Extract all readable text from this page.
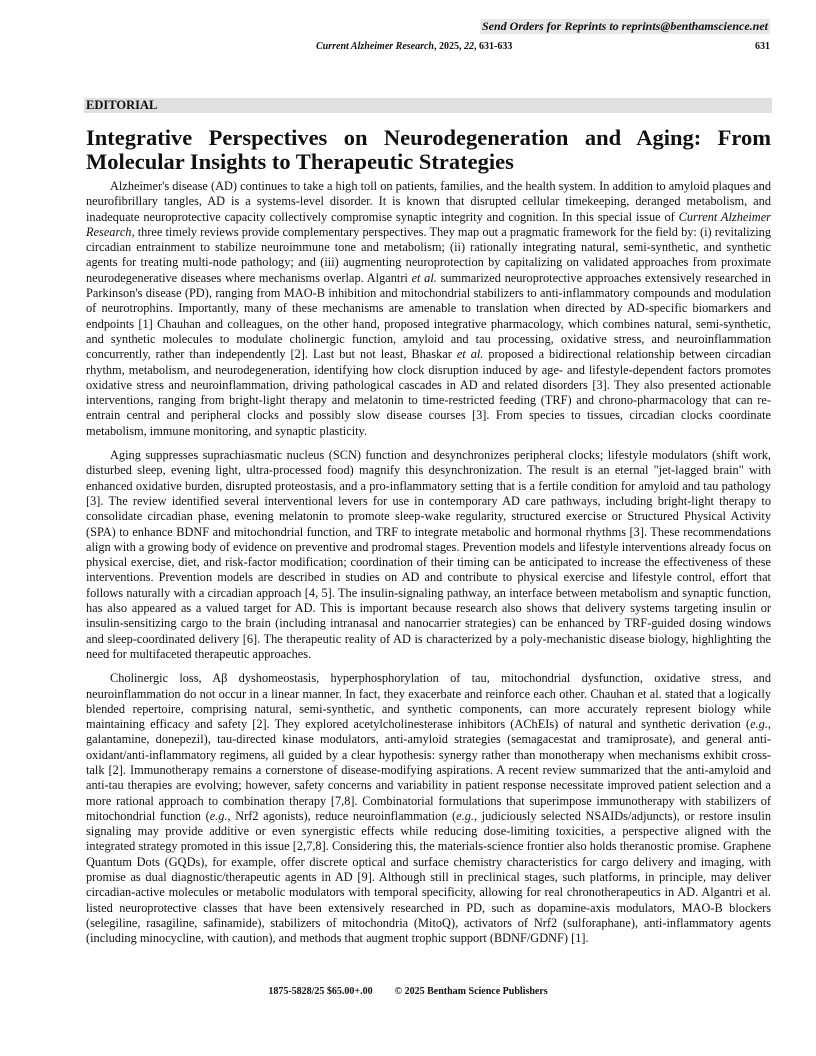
Send Orders for Reprints to reprints@benthamscience.net
Current Alzheimer Research, 2025, 22, 631-633	631
EDITORIAL
Integrative Perspectives on Neurodegeneration and Aging: From Molecular Insights to Therapeutic Strategies

Alzheimer's disease (AD) continues to take a high toll on patients, families, and the health system. In addition to amyloid plaques and neurofibrillary tangles, AD is a systems-level disorder. It is known that disrupted cellular timekeeping, deranged metabolism, and inadequate neuroprotective capacity collectively compromise synaptic integrity and cognition. In this special issue of Current Alzheimer Research, three timely reviews provide complementary perspectives. They map out a pragmatic framework for the field by: (i) revitalizing circadian entrainment to stabilize neuroimmune tone and metabolism; (ii) rationally integrating natural, semi-synthetic, and synthetic agents for treating multi-node pathology; and (iii) augmenting neuroprotection by capitalizing on validated approaches from proximate neurodegenerative diseases where mechanisms overlap. Algantri et al. summarized neuroprotective approaches extensively researched in Parkinson's disease (PD), ranging from MAO-B inhibition and mitochondrial stabilizers to anti-inflammatory compounds and modulation of neurotrophins. Importantly, many of these mechanisms are amenable to translation when directed by AD-specific biomarkers and endpoints [1] Chauhan and colleagues, on the other hand, proposed integrative pharmacology, which combines natural, semi-synthetic, and synthetic molecules to modulate cholinergic function, amyloid and tau processing, oxidative stress, and neuroinflammation concurrently, rather than independently [2]. Last but not least, Bhaskar et al. proposed a bidirectional relationship between circadian rhythm, metabolism, and neurodegeneration, identifying how clock disruption induced by age- and lifestyle-dependent factors promotes oxidative stress and neuroinflammation, driving pathological cascades in AD and related disorders [3]. They also presented actionable interventions, ranging from bright-light therapy and melatonin to time-restricted feeding (TRF) and chrono-pharmacology that can re-entrain central and peripheral clocks and possibly slow disease courses [3]. From species to tissues, circadian clocks coordinate metabolism, immune monitoring, and synaptic plasticity.

Aging suppresses suprachiasmatic nucleus (SCN) function and desynchronizes peripheral clocks; lifestyle modulators (shift work, disturbed sleep, evening light, ultra-processed food) magnify this desynchronization. The result is an eternal "jet-lagged brain" with enhanced oxidative burden, disrupted proteostasis, and a pro-inflammatory setting that is a fertile condition for amyloid and tau pathology [3]. The review identified several interventional levers for use in contemporary AD care pathways, including bright-light therapy to consolidate circadian phase, evening melatonin to promote sleep-wake regularity, structured exercise or Structured Physical Activity (SPA) to enhance BDNF and mitochondrial function, and TRF to integrate metabolic and hormonal rhythms [3]. These recommendations align with a growing body of evidence on preventive and prodromal stages. Prevention models and lifestyle interventions already focus on physical exercise, diet, and risk-factor modification; coordination of their timing can be anticipated to increase the effectiveness of these interventions. Prevention models are described in studies on AD and contribute to physical exercise and lifestyle control, effort that follows naturally with a circadian approach [4, 5]. The insulin-signaling pathway, an interface between metabolism and synaptic function, has also appeared as a valued target for AD. This is important because research also shows that delivery systems targeting insulin or insulin-sensitizing cargo to the brain (including intranasal and nanocarrier strategies) can be enhanced by TRF-guided dosing windows and sleep-coordinated delivery [6]. The therapeutic reality of AD is characterized by a poly-mechanistic disease biology, highlighting the need for multifaceted therapeutic approaches.

Cholinergic loss, Aβ dyshomeostasis, hyperphosphorylation of tau, mitochondrial dysfunction, oxidative stress, and neuroinflammation do not occur in a linear manner. In fact, they exacerbate and reinforce each other. Chauhan et al. stated that a logically blended repertoire, comprising natural, semi-synthetic, and synthetic components, can more accurately represent biology while maintaining efficacy and safety [2]. They explored acetylcholinesterase inhibitors (AChEIs) of natural and synthetic derivation (e.g., galantamine, donepezil), tau-directed kinase modulators, anti-amyloid strategies (semagacestat and tramiprosate), and general anti-oxidant/anti-inflammatory regimens, all guided by a clear hypothesis: synergy rather than monotherapy when mechanisms exhibit cross-talk [2]. Immunotherapy remains a cornerstone of disease-modifying aspirations. A recent review summarized that the anti-amyloid and anti-tau therapies are evolving; however, safety concerns and variability in patient response necessitate improved patient selection and a more rational approach to combination therapy [7,8]. Combinatorial formulations that superimpose immunotherapy with stabilizers of mitochondrial function (e.g., Nrf2 agonists), reduce neuroinflammation (e.g., judiciously selected NSAIDs/adjuncts), or restore insulin signaling may provide additive or even synergistic effects while reducing dose-limiting toxicities, a perspective aligned with the integrated strategy promoted in this issue [2,7,8]. Considering this, the materials-science frontier also holds theranostic promise. Graphene Quantum Dots (GQDs), for example, offer discrete optical and surface chemistry characteristics for cargo delivery and imaging, with promise as dual diagnostic/therapeutic agents in AD [9]. Although still in preclinical stages, such platforms, in principle, may deliver circadian-active molecules or metabolic modulators with temporal specificity, allowing for real chronotherapeutics in AD. Algantri et al. listed neuroprotective classes that have been extensively researched in PD, such as dopamine-axis modulators, MAO-B blockers (selegiline, rasagiline, safinamide), stabilizers of mitochondria (MitoQ), activators of Nrf2 (sulforaphane), anti-inflammatory agents (including minocycline, with caution), and methods that augment trophic support (BDNF/GDNF) [1].

1875-5828/25 $65.00+.00 © 2025 Bentham Science Publishers
